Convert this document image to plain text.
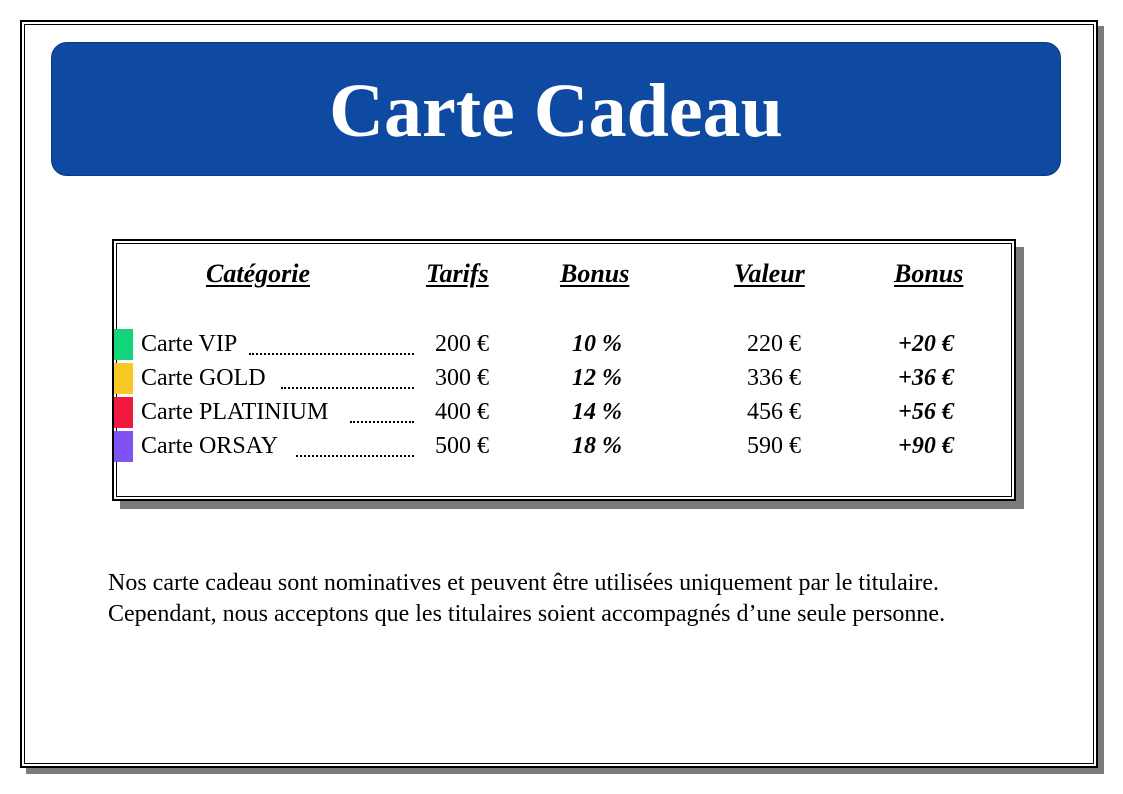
Carte Cadeau
Catégorie	Tarifs	Bonus	Valeur	Bonus
Carte VIP	200 €	10 %	220 €	+20 €
Carte GOLD	300 €	12 %	336 €	+36 €
Carte PLATINIUM	400 €	14 %	456 €	+56 €
Carte ORSAY	500 €	18 %	590 €	+90 €
Nos carte cadeau sont nominatives et peuvent être utilisées uniquement par le titulaire.
Cependant, nous acceptons que les titulaires soient accompagnés d’une seule personne.
